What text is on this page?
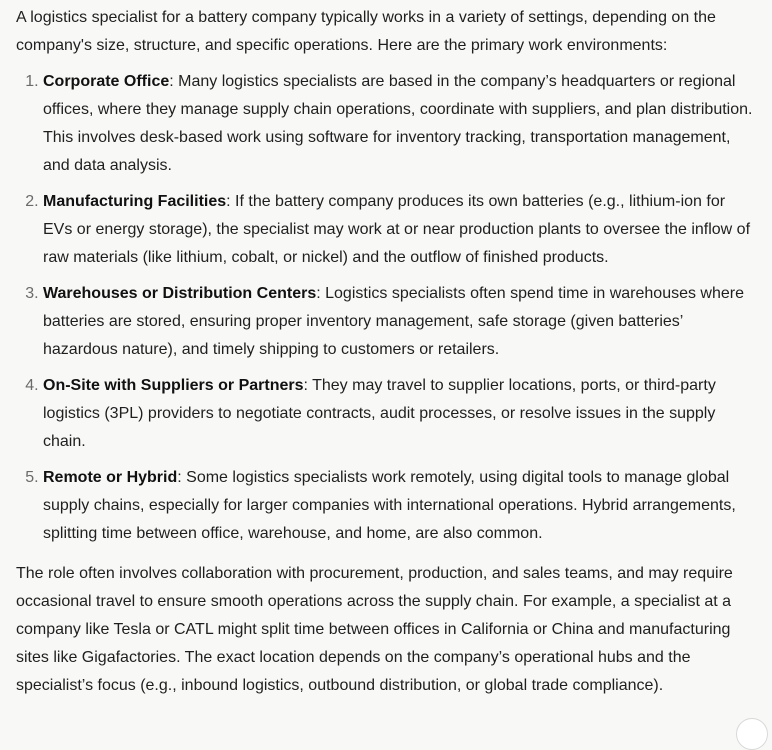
A logistics specialist for a battery company typically works in a variety of settings, depending on the company's size, structure, and specific operations. Here are the primary work environments:

1. Corporate Office: Many logistics specialists are based in the company’s headquarters or regional offices, where they manage supply chain operations, coordinate with suppliers, and plan distribution. This involves desk-based work using software for inventory tracking, transportation management, and data analysis.
2. Manufacturing Facilities: If the battery company produces its own batteries (e.g., lithium-ion for EVs or energy storage), the specialist may work at or near production plants to oversee the inflow of raw materials (like lithium, cobalt, or nickel) and the outflow of finished products.
3. Warehouses or Distribution Centers: Logistics specialists often spend time in warehouses where batteries are stored, ensuring proper inventory management, safe storage (given batteries’ hazardous nature), and timely shipping to customers or retailers.
4. On-Site with Suppliers or Partners: They may travel to supplier locations, ports, or third-party logistics (3PL) providers to negotiate contracts, audit processes, or resolve issues in the supply chain.
5. Remote or Hybrid: Some logistics specialists work remotely, using digital tools to manage global supply chains, especially for larger companies with international operations. Hybrid arrangements, splitting time between office, warehouse, and home, are also common.

The role often involves collaboration with procurement, production, and sales teams, and may require occasional travel to ensure smooth operations across the supply chain. For example, a specialist at a company like Tesla or CATL might split time between offices in California or China and manufacturing sites like Gigafactories. The exact location depends on the company’s operational hubs and the specialist’s focus (e.g., inbound logistics, outbound distribution, or global trade compliance).
